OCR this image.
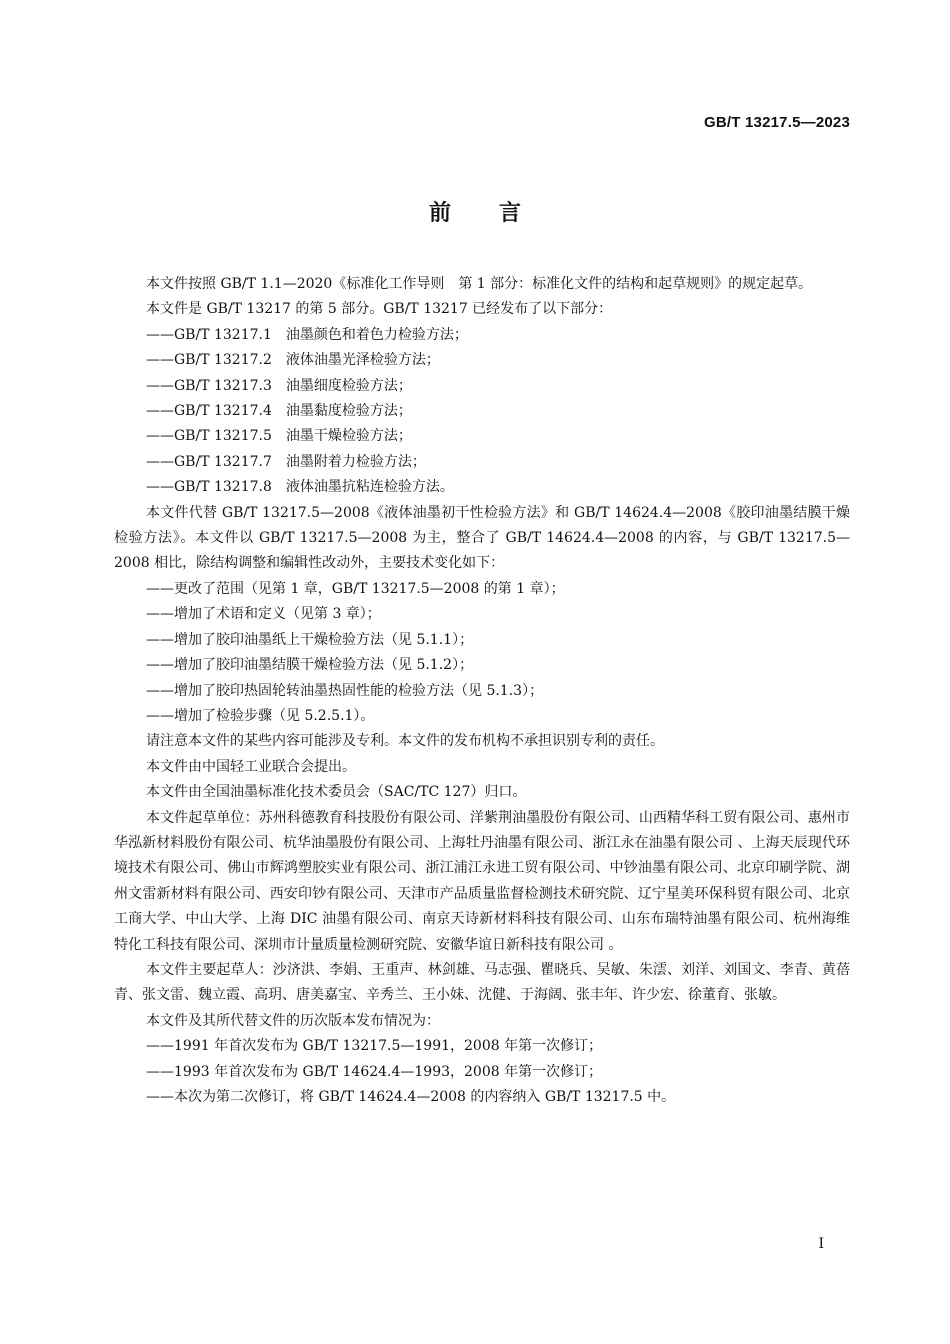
GB/T 13217.5—2023
前言

本文件按照 GB/T 1.1—2020《标准化工作导则　第 1 部分：标准化文件的结构和起草规则》的规定起草。

本文件是 GB/T 13217 的第 5 部分。GB/T 13217 已经发布了以下部分：

——GB/T 13217.1　油墨颜色和着色力检验方法；

——GB/T 13217.2　液体油墨光泽检验方法；

——GB/T 13217.3　油墨细度检验方法；

——GB/T 13217.4　油墨黏度检验方法；

——GB/T 13217.5　油墨干燥检验方法；

——GB/T 13217.7　油墨附着力检验方法；

——GB/T 13217.8　液体油墨抗粘连检验方法。

本文件代替 GB/T 13217.5—2008《液体油墨初干性检验方法》和 GB/T 14624.4—2008《胶印油墨结膜干燥检验方法》。本文件以 GB/T 13217.5—2008 为主，整合了 GB/T 14624.4—2008 的内容，与 GB/T 13217.5—2008 相比，除结构调整和编辑性改动外，主要技术变化如下：

——更改了范围（见第 1 章，GB/T 13217.5—2008 的第 1 章）；

——增加了术语和定义（见第 3 章）；

——增加了胶印油墨纸上干燥检验方法（见 5.1.1）；

——增加了胶印油墨结膜干燥检验方法（见 5.1.2）；

——增加了胶印热固轮转油墨热固性能的检验方法（见 5.1.3）；

——增加了检验步骤（见 5.2.5.1）。

请注意本文件的某些内容可能涉及专利。本文件的发布机构不承担识别专利的责任。

本文件由中国轻工业联合会提出。

本文件由全国油墨标准化技术委员会（SAC/TC 127）归口。

本文件起草单位：苏州科德教育科技股份有限公司、洋紫荆油墨股份有限公司、山西精华科工贸有限公司、惠州市华泓新材料股份有限公司、杭华油墨股份有限公司、上海牡丹油墨有限公司、浙江永在油墨有限公司 、上海天辰现代环境技术有限公司、佛山市辉鸿塑胶实业有限公司、浙江浦江永进工贸有限公司、中钞油墨有限公司、北京印刷学院、湖州文雷新材料有限公司、西安印钞有限公司、天津市产品质量监督检测技术研究院、辽宁星美环保科贸有限公司、北京工商大学、中山大学、上海 DIC 油墨有限公司、南京天诗新材料科技有限公司、山东布瑞特油墨有限公司、杭州海维特化工科技有限公司、深圳市计量质量检测研究院、安徽华谊日新科技有限公司 。

本文件主要起草人：沙济洪、李娟、王重声、林剑雄、马志强、瞿晓兵、吴敏、朱澐、刘洋、刘国文、李青、黄蓓青、张文雷、魏立霞、高玥、唐美嘉宝、辛秀兰、王小妹、沈健、于海阔、张丰年、许少宏、徐董育、张敏。

本文件及其所代替文件的历次版本发布情况为：

——1991 年首次发布为 GB/T 13217.5—1991，2008 年第一次修订；

——1993 年首次发布为 GB/T 14624.4—1993，2008 年第一次修订；

——本次为第二次修订，将 GB/T 14624.4—2008 的内容纳入 GB/T 13217.5 中。

I
